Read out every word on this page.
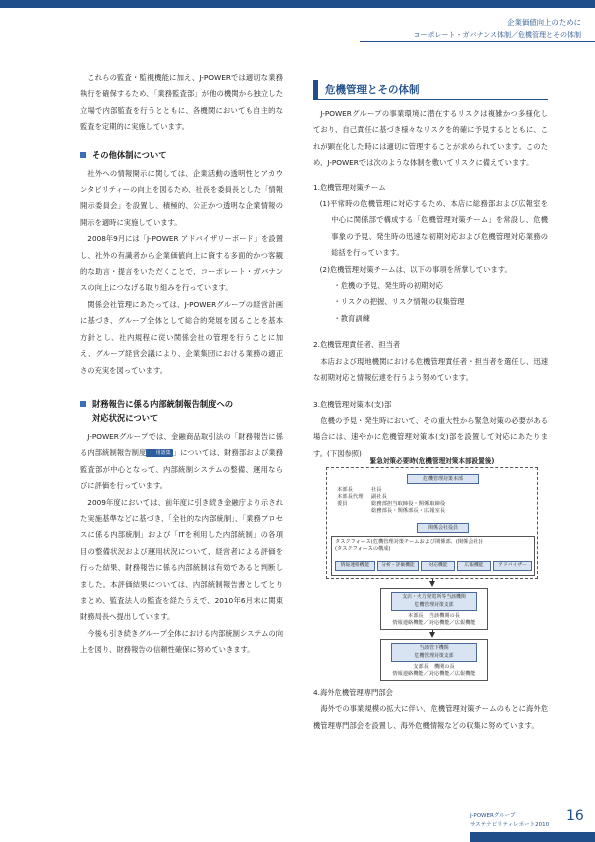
企業価値向上のために
コーポレート・ガバナンス体制／危機管理とその体制

これらの監査・監視機能に加え、J-POWERでは適切な業務執行を確保するため、「業務監査部」が他の機関から独立した立場で内部監査を行うとともに、各機関においても自主的な監査を定期的に実施しています。

その他体制について

社外への情報開示に関しては、企業活動の透明性とアカウンタビリティーの向上を図るため、社長を委員長とした「情報開示委員会」を設置し、積極的、公正かつ透明な企業情報の開示を適時に実施しています。

2008年9月には「J-POWER アドバイザリーボード」を設置し、社外の有識者から企業価値向上に資する多面的かつ客観的な助言・提言をいただくことで、コーポレート・ガバナンスの向上につなげる取り組みを行っています。

関係会社管理にあたっては、J-POWERグループの経営計画に基づき、グループ全体として総合的発展を図ることを基本方針とし、社内規程に従い関係会社の管理を行うことに加え、グループ経営会議により、企業集団における業務の適正さの充実を図っています。

財務報告に係る内部統制報告制度への
対応状況について

J-POWERグループでは、金融商品取引法の「財務報告に係る内部統制報告制度 用語集 」については、財務部および業務監査部が中心となって、内部統制システムの整備、運用ならびに評価を行っています。

2009年度においては、前年度に引き続き金融庁より示された実施基準などに基づき、「全社的な内部統制」、「業務プロセスに係る内部統制」および「ITを利用した内部統制」の各項目の整備状況および運用状況について、経営者による評価を行った結果、財務報告に係る内部統制は有効であると判断しました。本評価結果については、内部統制報告書としてとりまとめ、監査法人の監査を経たうえで、2010年6月末に関東財務局長へ提出しています。

今後も引き続きグループ全体における内部統制システムの向上を図り、財務報告の信頼性確保に努めていきます。

危機管理とその体制

J-POWERグループの事業環境に潜在するリスクは複雑かつ多様化しており、自己責任に基づき様々なリスクを的確に予見するとともに、これが顕在化した時には適切に管理することが求められています。このため、J-POWERでは次のような体制を敷いてリスクに備えています。

1.危機管理対策チーム

(1)平常時の危機管理に対応するため、本店に総務部および広報室を中心に関係部で構成する「危機管理対策チーム」を常設し、危機事象の予見、発生時の迅速な初期対応および危機管理対応業務の総括を行っています。

(2)危機管理対策チームは、以下の事項を所掌しています。

・危機の予見、発生時の初期対応

・リスクの把握、リスク情報の収集管理

・教育訓練

2.危機管理責任者、担当者

本店および現地機関における危機管理責任者・担当者を選任し、迅速な初期対応と情報伝達を行うよう努めています。

3.危機管理対策本(支)部

危機の予見・発生時において、その重大性から緊急対策の必要がある場合には、速やかに危機管理対策本(支)部を設置して対応にあたります。(下図参照)

緊急対策必要時(危機管理対策本部設置後)
危機管理対策本部
本部長	社長
本部長代理 副社長
委員	総務部担当取締役・関係取締役
総務部長・関係部長・広報室長
関係会社役員
タスクフォース(危機管理対策チームおよび関係部、(関係会社))
(タスクフォースの構成)
情報連絡機能	分析・評価機能	対応機能	広報機能	アドバイザー
支店・火力発電所等当該機関
危機管理対策支部
本部長　当該機関の長
情報連絡機能／対応機能／広報機能
当該管下機関
危機管理対策支部
支部長　機関の長
情報連絡機能／対応機能／広報機能

4.海外危機管理専門部会

海外での事業規模の拡大に伴い、危機管理対策チームのもとに海外危機管理専門部会を設置し、海外危機情報などの収集に努めています。

J-POWERグループ
サステナビリティレポート2010
16
